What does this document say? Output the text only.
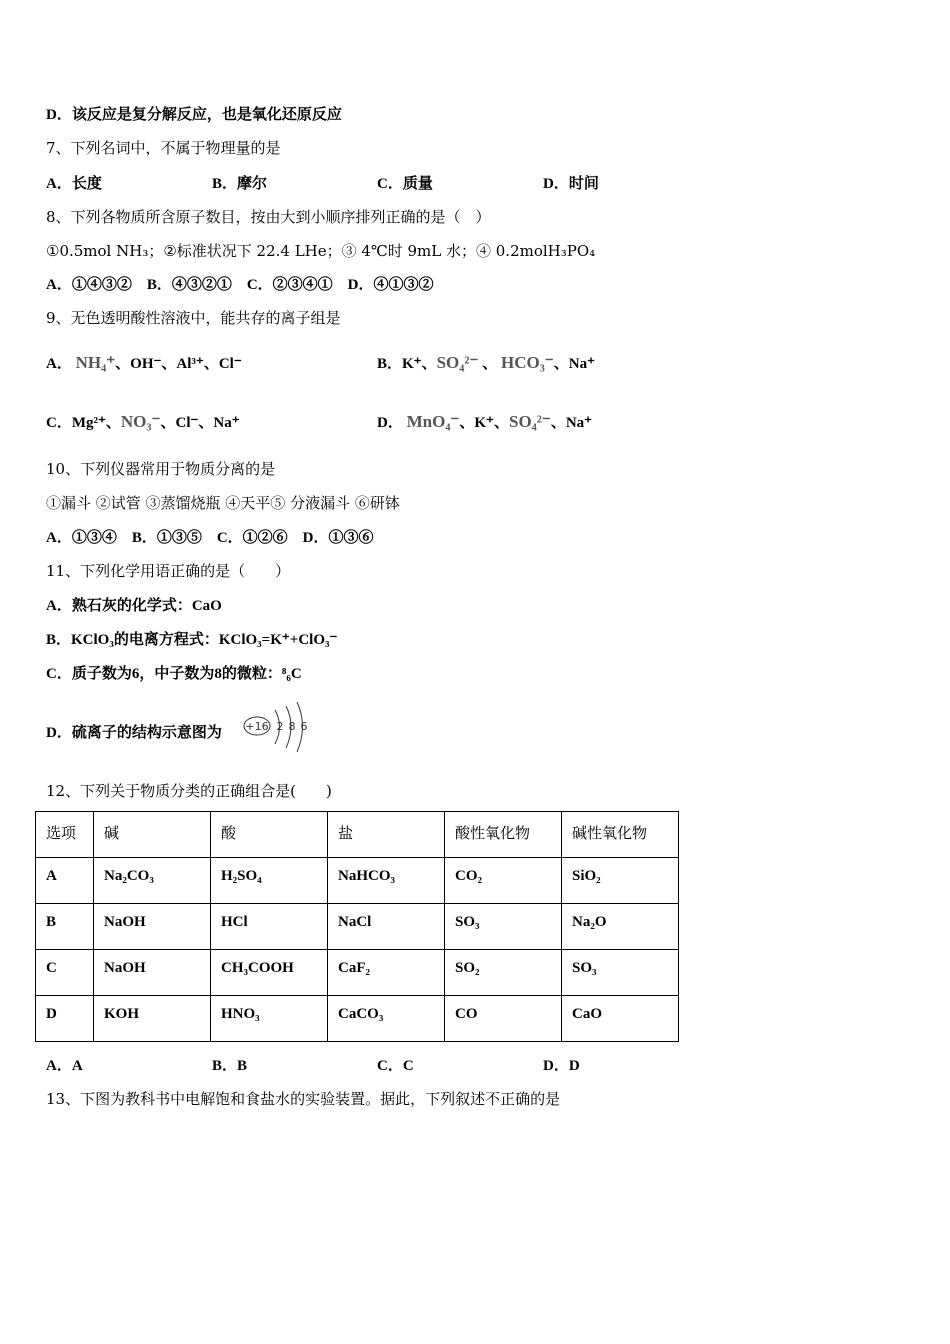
D．该反应是复分解反应，也是氧化还原反应
7、下列名词中，不属于物理量的是
A．长度	B．摩尔	C．质量	D．时间
8、下列各物质所含原子数目，按由大到小顺序排列正确的是（　）
①0.5mol NH₃；②标准状况下 22.4 LHe；③ 4℃时 9mL 水；④ 0.2molH₃PO₄
A．①④③②　B．④③②①　C．②③④①　D．④①③②
9、无色透明酸性溶液中，能共存的离子组是
A． NH₄⁺、OH⁻、Al³⁺、Cl⁻	B．K⁺、SO₄²⁻ 、 HCO₃⁻、Na⁺
C．Mg²⁺、NO₃⁻、Cl⁻、Na⁺	D． MnO₄⁻、K⁺、SO₄²⁻、Na⁺
10、下列仪器常用于物质分离的是
①漏斗 ②试管 ③蒸馏烧瓶 ④天平⑤ 分液漏斗 ⑥研钵
A．①③④　B．①③⑤　C．①②⑥　D．①③⑥
11、下列化学用语正确的是（　　）
A．熟石灰的化学式：CaO
B．KClO₃的电离方程式：KClO₃=K⁺+ClO₃⁻
C．质子数为6，中子数为8的微粒：⁸₆C
D．硫离子的结构示意图为 +16 2 8 6
12、下列关于物质分类的正确组合是(　　)
选项	碱	酸	盐	酸性氧化物	碱性氧化物
A	Na₂CO₃	H₂SO₄	NaHCO₃	CO₂	SiO₂
B	NaOH	HCl	NaCl	SO₃	Na₂O
C	NaOH	CH₃COOH	CaF₂	SO₂	SO₃
D	KOH	HNO₃	CaCO₃	CO	CaO
A．A	B．B	C．C	D．D
13、下图为教科书中电解饱和食盐水的实验装置。据此，下列叙述不正确的是
